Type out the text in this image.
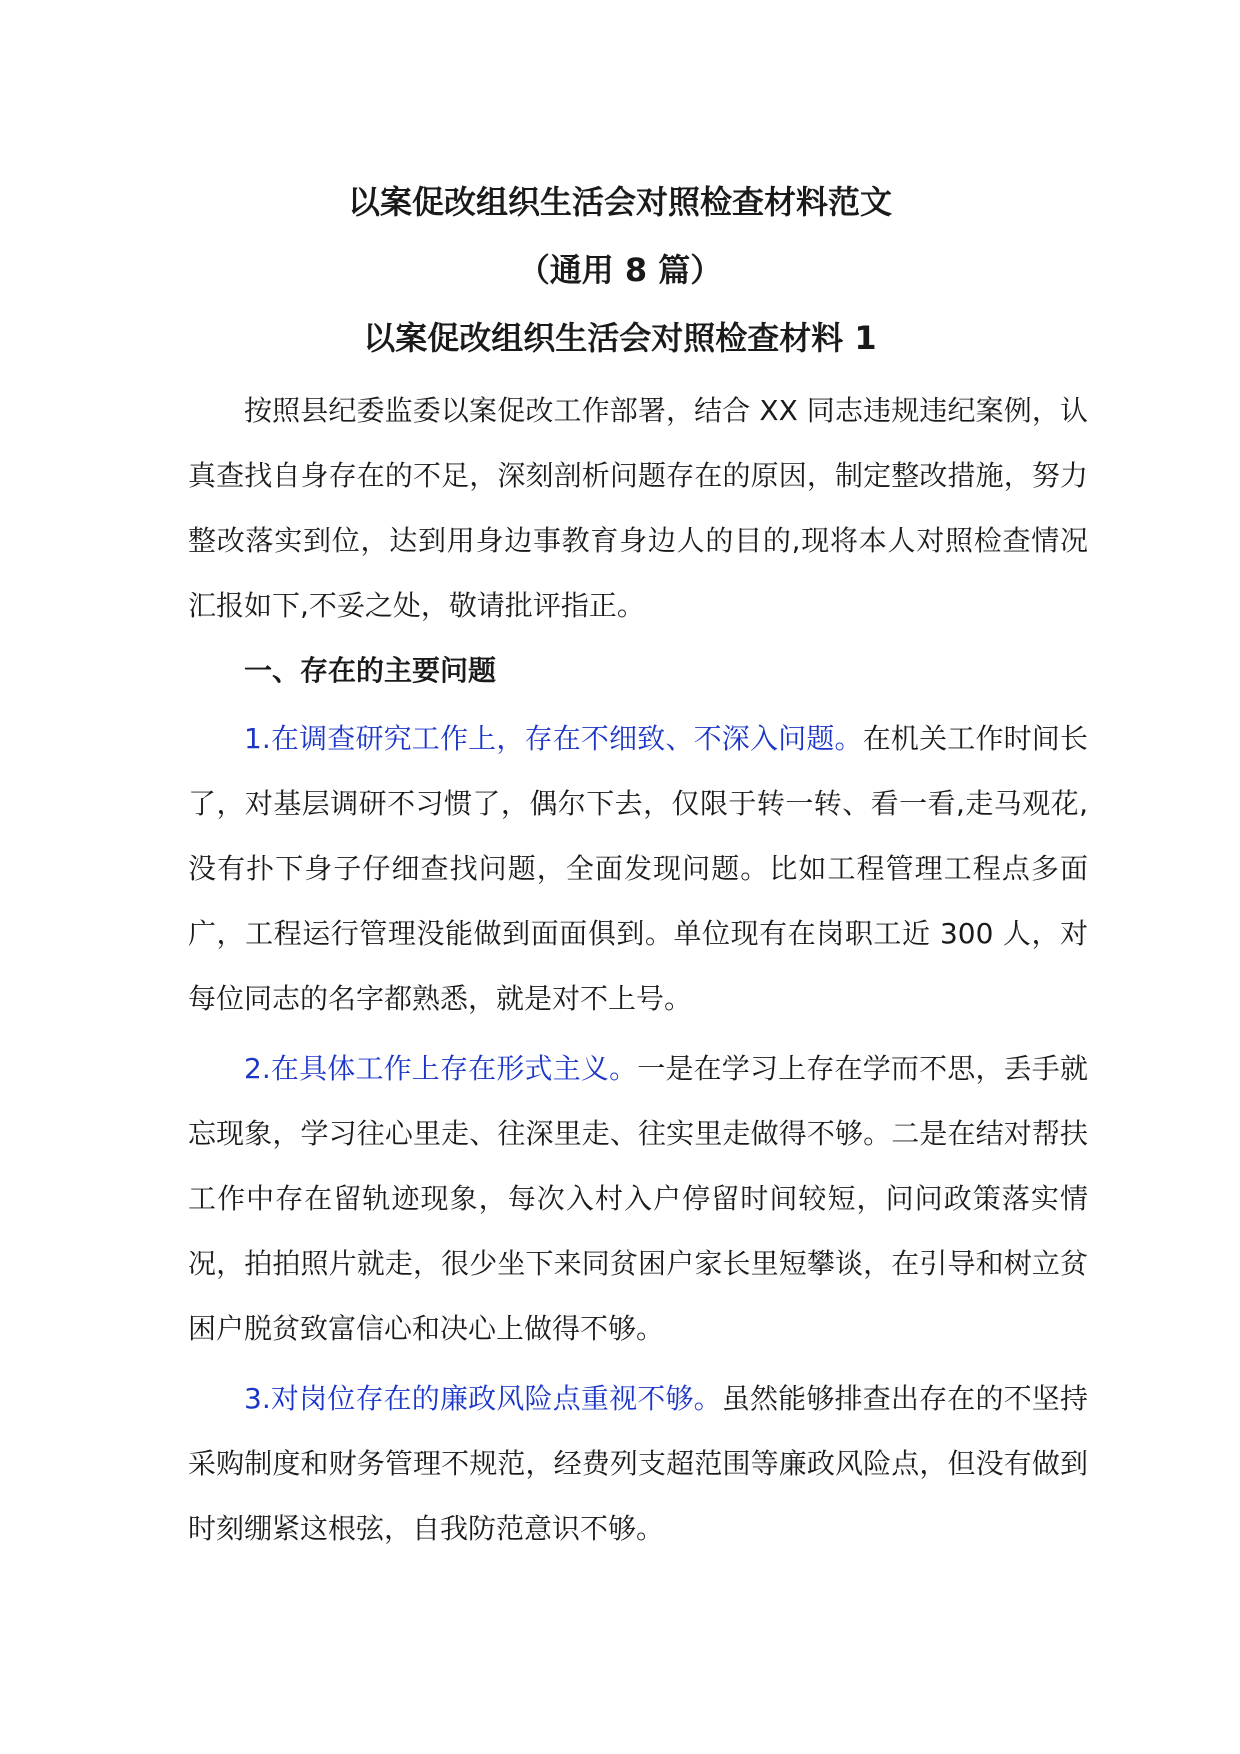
以案促改组织生活会对照检查材料范文
（通用 8 篇）
以案促改组织生活会对照检查材料 1

按照县纪委监委以案促改工作部署，结合 XX 同志违规违纪案例，认真查找自身存在的不足，深刻剖析问题存在的原因，制定整改措施，努力整改落实到位，达到用身边事教育身边人的目的,现将本人对照检查情况汇报如下,不妥之处，敬请批评指正。

一、存在的主要问题

1.在调查研究工作上，存在不细致、不深入问题。在机关工作时间长了，对基层调研不习惯了，偶尔下去，仅限于转一转、看一看,走马观花,没有扑下身子仔细查找问题，全面发现问题。比如工程管理工程点多面广，工程运行管理没能做到面面俱到。单位现有在岗职工近 300 人，对每位同志的名字都熟悉，就是对不上号。

2.在具体工作上存在形式主义。一是在学习上存在学而不思，丢手就忘现象，学习往心里走、往深里走、往实里走做得不够。二是在结对帮扶工作中存在留轨迹现象，每次入村入户停留时间较短，问问政策落实情况，拍拍照片就走，很少坐下来同贫困户家长里短攀谈，在引导和树立贫困户脱贫致富信心和决心上做得不够。

3.对岗位存在的廉政风险点重视不够。虽然能够排查出存在的不坚持采购制度和财务管理不规范，经费列支超范围等廉政风险点，但没有做到时刻绷紧这根弦，自我防范意识不够。
